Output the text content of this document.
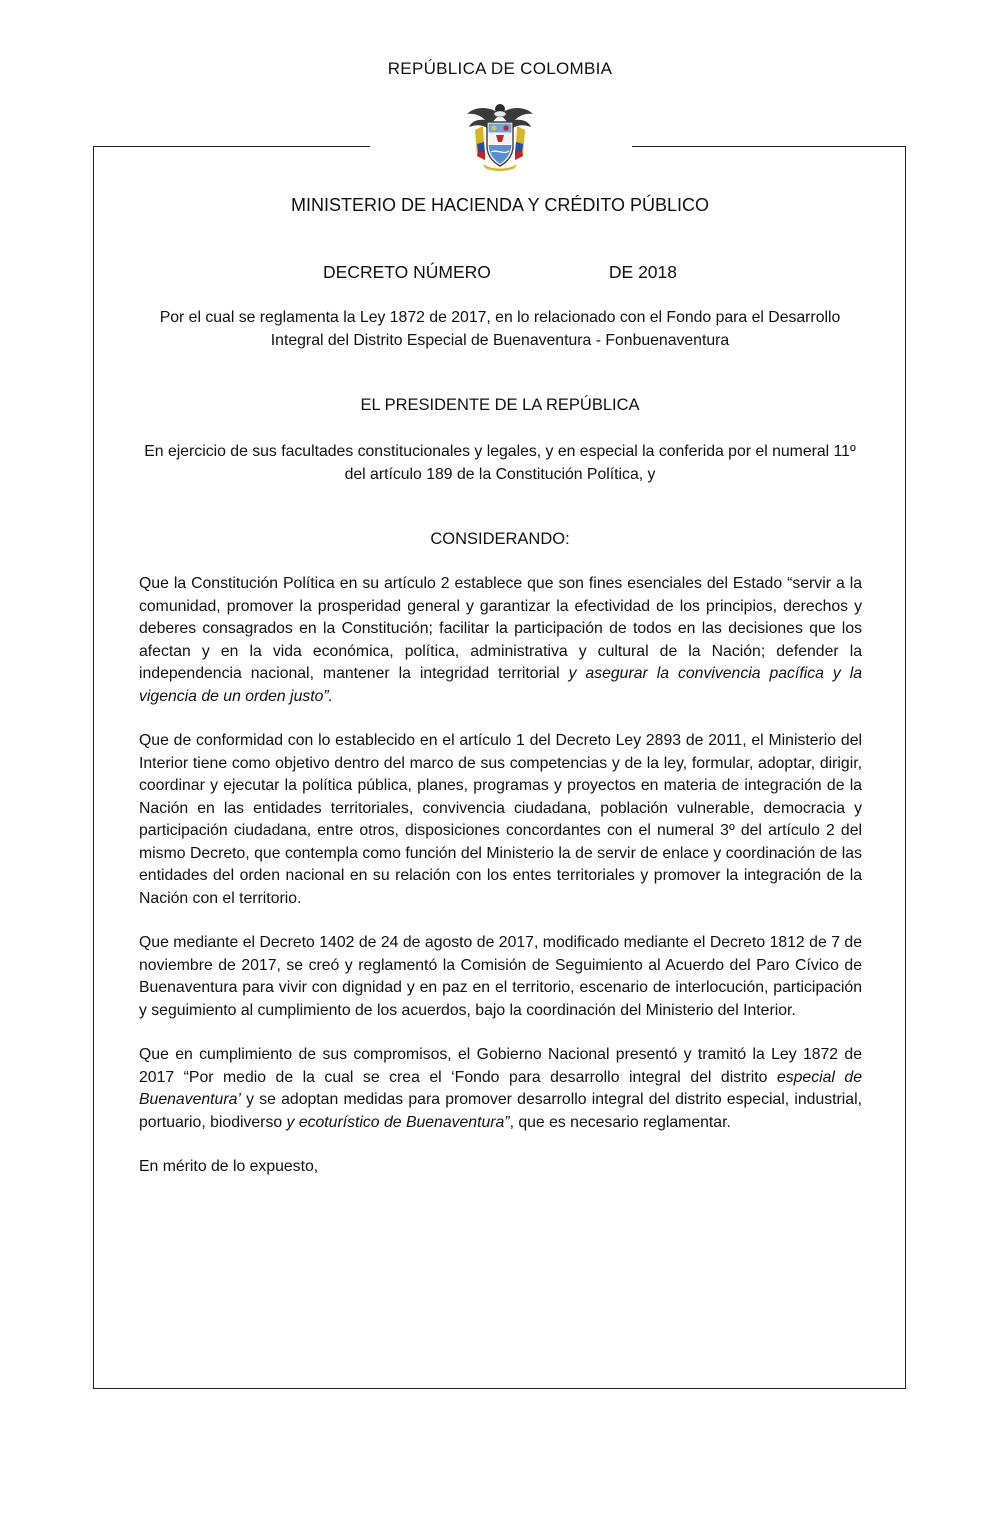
REPÚBLICA DE COLOMBIA
MINISTERIO DE HACIENDA Y CRÉDITO PÚBLICO
DECRETO NÚMERO	DE 2018
Por el cual se reglamenta la Ley 1872 de 2017, en lo relacionado con el Fondo para el Desarrollo Integral del Distrito Especial de Buenaventura - Fonbuenaventura
EL PRESIDENTE DE LA REPÚBLICA
En ejercicio de sus facultades constitucionales y legales, y en especial la conferida por el numeral 11º del artículo 189 de la Constitución Política, y
CONSIDERANDO:

Que la Constitución Política en su artículo 2 establece que son fines esenciales del Estado “servir a la comunidad, promover la prosperidad general y garantizar la efectividad de los principios, derechos y deberes consagrados en la Constitución; facilitar la participación de todos en las decisiones que los afectan y en la vida económica, política, administrativa y cultural de la Nación; defender la independencia nacional, mantener la integridad territorial y asegurar la convivencia pacífica y la vigencia de un orden justo”.

Que de conformidad con lo establecido en el artículo 1 del Decreto Ley 2893 de 2011, el Ministerio del Interior tiene como objetivo dentro del marco de sus competencias y de la ley, formular, adoptar, dirigir, coordinar y ejecutar la política pública, planes, programas y proyectos en materia de integración de la Nación en las entidades territoriales, convivencia ciudadana, población vulnerable, democracia y participación ciudadana, entre otros, disposiciones concordantes con el numeral 3º del artículo 2 del mismo Decreto, que contempla como función del Ministerio la de servir de enlace y coordinación de las entidades del orden nacional en su relación con los entes territoriales y promover la integración de la Nación con el territorio.

Que mediante el Decreto 1402 de 24 de agosto de 2017, modificado mediante el Decreto 1812 de 7 de noviembre de 2017, se creó y reglamentó la Comisión de Seguimiento al Acuerdo del Paro Cívico de Buenaventura para vivir con dignidad y en paz en el territorio, escenario de interlocución, participación y seguimiento al cumplimiento de los acuerdos, bajo la coordinación del Ministerio del Interior.

Que en cumplimiento de sus compromisos, el Gobierno Nacional presentó y tramitó la Ley 1872 de 2017 “Por medio de la cual se crea el ‘Fondo para desarrollo integral del distrito especial de Buenaventura’ y se adoptan medidas para promover desarrollo integral del distrito especial, industrial, portuario, biodiverso y ecoturístico de Buenaventura”, que es necesario reglamentar.

En mérito de lo expuesto,
